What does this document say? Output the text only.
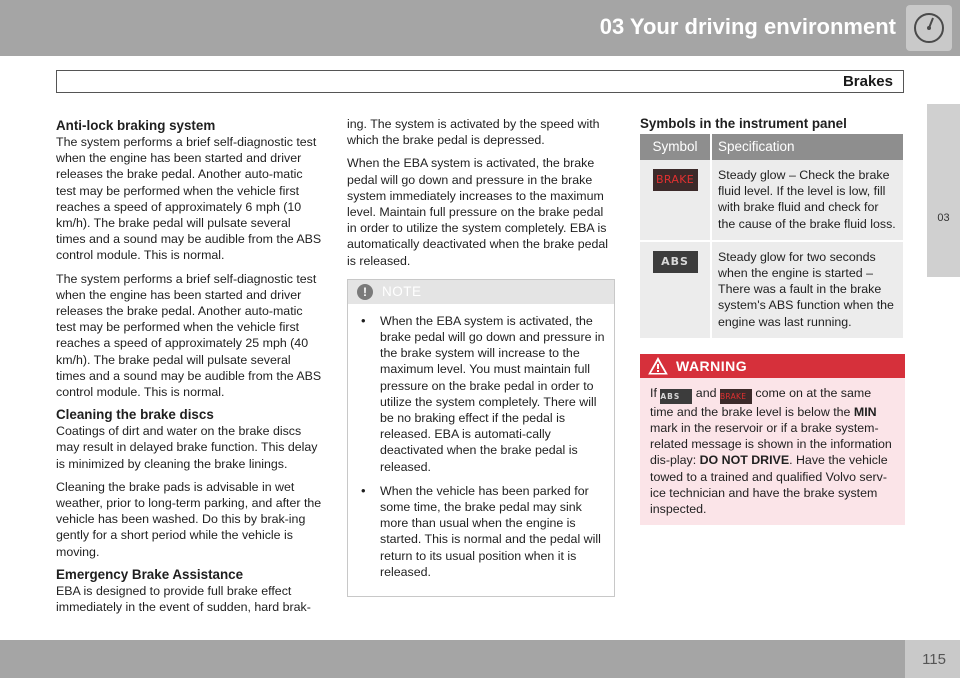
03 Your driving environment
Brakes
03
Anti-lock braking system

The system performs a brief self-diagnostic test when the engine has been started and driver releases the brake pedal. Another auto-matic test may be performed when the vehicle first reaches a speed of approximately 6 mph (10 km/h). The brake pedal will pulsate several times and a sound may be audible from the ABS control module. This is normal.

The system performs a brief self-diagnostic test when the engine has been started and driver releases the brake pedal. Another auto-matic test may be performed when the vehicle first reaches a speed of approximately 25 mph (40 km/h). The brake pedal will pulsate several times and a sound may be audible from the ABS control module. This is normal.

Cleaning the brake discs

Coatings of dirt and water on the brake discs may result in delayed brake function. This delay is minimized by cleaning the brake linings.

Cleaning the brake pads is advisable in wet weather, prior to long-term parking, and after the vehicle has been washed. Do this by brak-ing gently for a short period while the vehicle is moving.

Emergency Brake Assistance

EBA is designed to provide full brake effect immediately in the event of sudden, hard brak-

ing. The system is activated by the speed with which the brake pedal is depressed.

When the EBA system is activated, the brake pedal will go down and pressure in the brake system immediately increases to the maximum level. Maintain full pressure on the brake pedal in order to utilize the system completely. EBA is automatically deactivated when the brake pedal is released.

!	NOTE
• When the EBA system is activated, the brake pedal will go down and pressure in the brake system will increase to the maximum level. You must maintain full pressure on the brake pedal in order to utilize the system completely. There will be no braking effect if the pedal is released. EBA is automati-cally deactivated when the brake pedal is released.
• When the vehicle has been parked for some time, the brake pedal may sink more than usual when the engine is started. This is normal and the pedal will return to its usual position when it is released.
Symbols in the instrument panel
Symbol	Specification
BRAKE	Steady glow – Check the brake fluid level. If the level is low, fill with brake fluid and check for the cause of the brake fluid loss.
ABS	Steady glow for two seconds when the engine is started – There was a fault in the brake system's ABS function when the engine was last running.
WARNING
If ABS and BRAKE come on at the same time and the brake level is below the MIN mark in the reservoir or if a brake system-related message is shown in the information dis-play: DO NOT DRIVE. Have the vehicle towed to a trained and qualified Volvo serv-ice technician and have the brake system inspected.
115
